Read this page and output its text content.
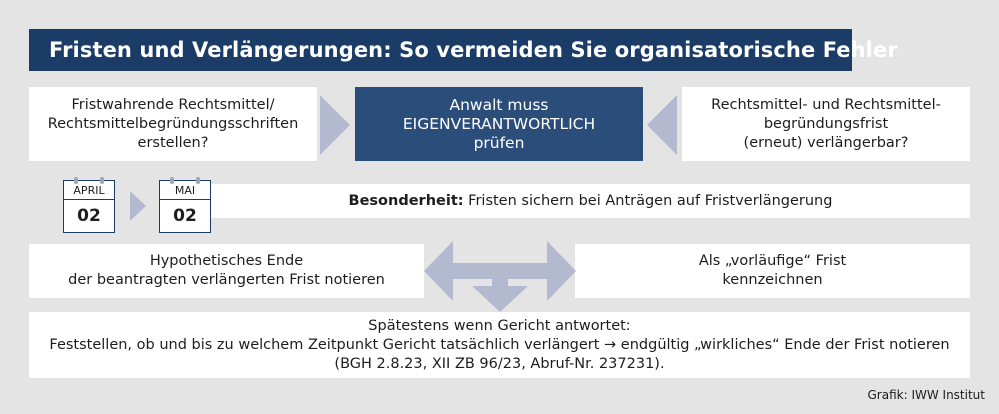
Fristen und Verlängerungen: So vermeiden Sie organisatorische Fehler
Fristwahrende Rechtsmittel/
Rechtsmittelbegründungsschriften
erstellen?
Anwalt muss
EIGENVERANTWORTLICH
prüfen
Rechtsmittel- und Rechtsmittel-
begründungsfrist
(erneut) verlängerbar?
Besonderheit: Fristen sichern bei Anträgen auf Fristverlängerung
APRIL
02
MAI
02
Hypothetisches Ende
der beantragten verlängerten Frist notieren
Als „vorläufige“ Frist
kennzeichnen
Spätestens wenn Gericht antwortet:
Feststellen, ob und bis zu welchem Zeitpunkt Gericht tatsächlich verlängert → endgültig „wirkliches“ Ende der Frist notieren
(BGH 2.8.23, XII ZB 96/23, Abruf-Nr. 237231).
Grafik: IWW Institut
